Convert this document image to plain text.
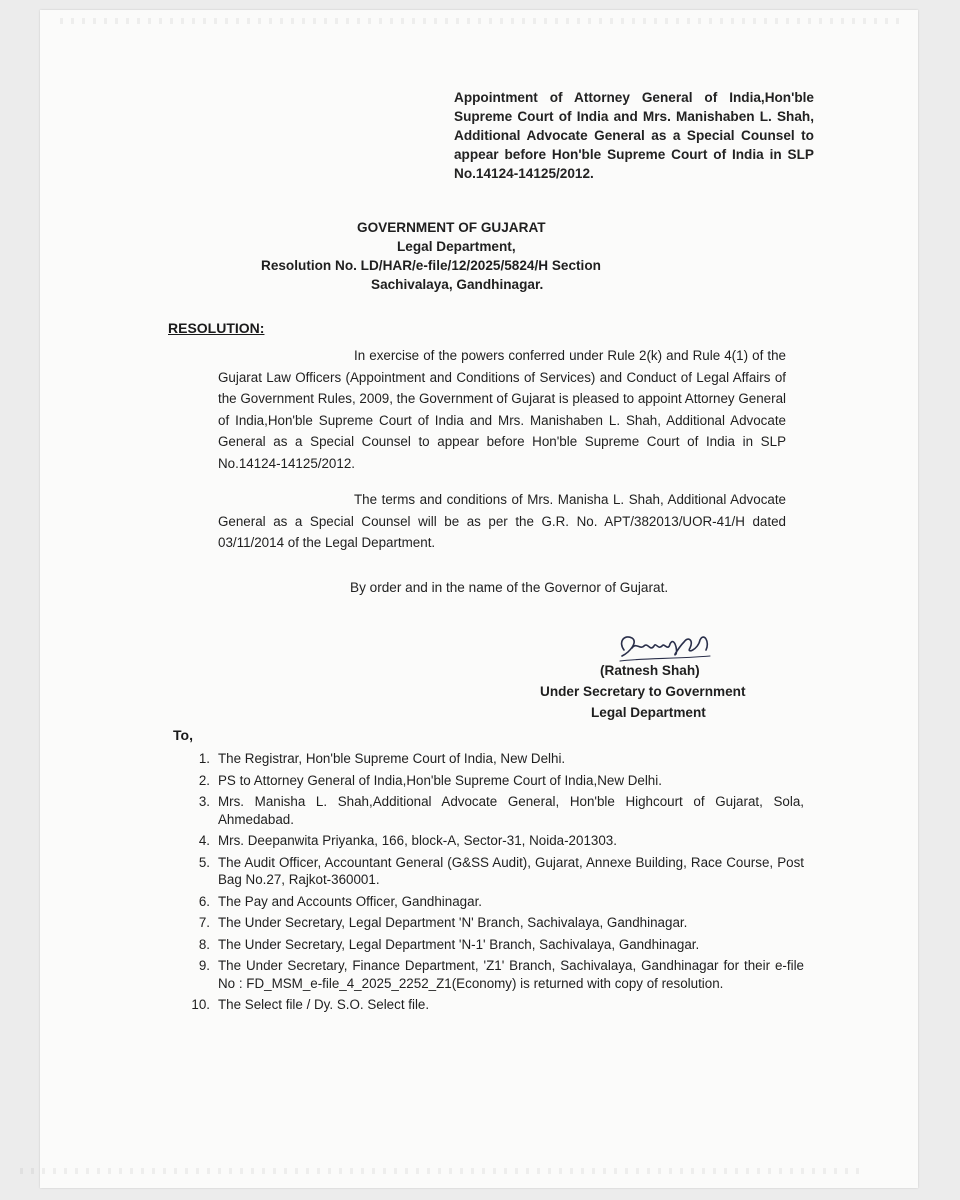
Appointment of Attorney General of India,Hon'ble Supreme Court of India and Mrs. Manishaben L. Shah, Additional Advocate General as a Special Counsel to appear before Hon'ble Supreme Court of India in SLP No.14124-14125/2012.
GOVERNMENT OF GUJARAT
Legal Department,
Resolution No. LD/HAR/e-file/12/2025/5824/H Section
Sachivalaya, Gandhinagar.
RESOLUTION:
In exercise of the powers conferred under Rule 2(k) and Rule 4(1) of the Gujarat Law Officers (Appointment and Conditions of Services) and Conduct of Legal Affairs of the Government Rules, 2009, the Government of Gujarat is pleased to appoint Attorney General of India,Hon'ble Supreme Court of India and Mrs. Manishaben L. Shah, Additional Advocate General as a Special Counsel to appear before Hon'ble Supreme Court of India in SLP No.14124-14125/2012.
The terms and conditions of Mrs. Manisha L. Shah, Additional Advocate General as a Special Counsel will be as per the G.R. No. APT/382013/UOR-41/H dated 03/11/2014 of the Legal Department.
By order and in the name of the Governor of Gujarat.
(Ratnesh Shah)
Under Secretary to Government
Legal Department
To,
1. The Registrar, Hon'ble Supreme Court of India, New Delhi.
2. PS to Attorney General of India,Hon'ble Supreme Court of India,New Delhi.
3. Mrs. Manisha L. Shah,Additional Advocate General, Hon'ble Highcourt of Gujarat, Sola, Ahmedabad.
4. Mrs. Deepanwita Priyanka, 166, block-A, Sector-31, Noida-201303.
5. The Audit Officer, Accountant General (G&SS Audit), Gujarat, Annexe Building, Race Course, Post Bag No.27, Rajkot-360001.
6. The Pay and Accounts Officer, Gandhinagar.
7. The Under Secretary, Legal Department 'N' Branch, Sachivalaya, Gandhinagar.
8. The Under Secretary, Legal Department 'N-1' Branch, Sachivalaya, Gandhinagar.
9. The Under Secretary, Finance Department, 'Z1' Branch, Sachivalaya, Gandhinagar for their e-file No : FD_MSM_e-file_4_2025_2252_Z1(Economy) is returned with copy of resolution.
10. The Select file / Dy. S.O. Select file.
